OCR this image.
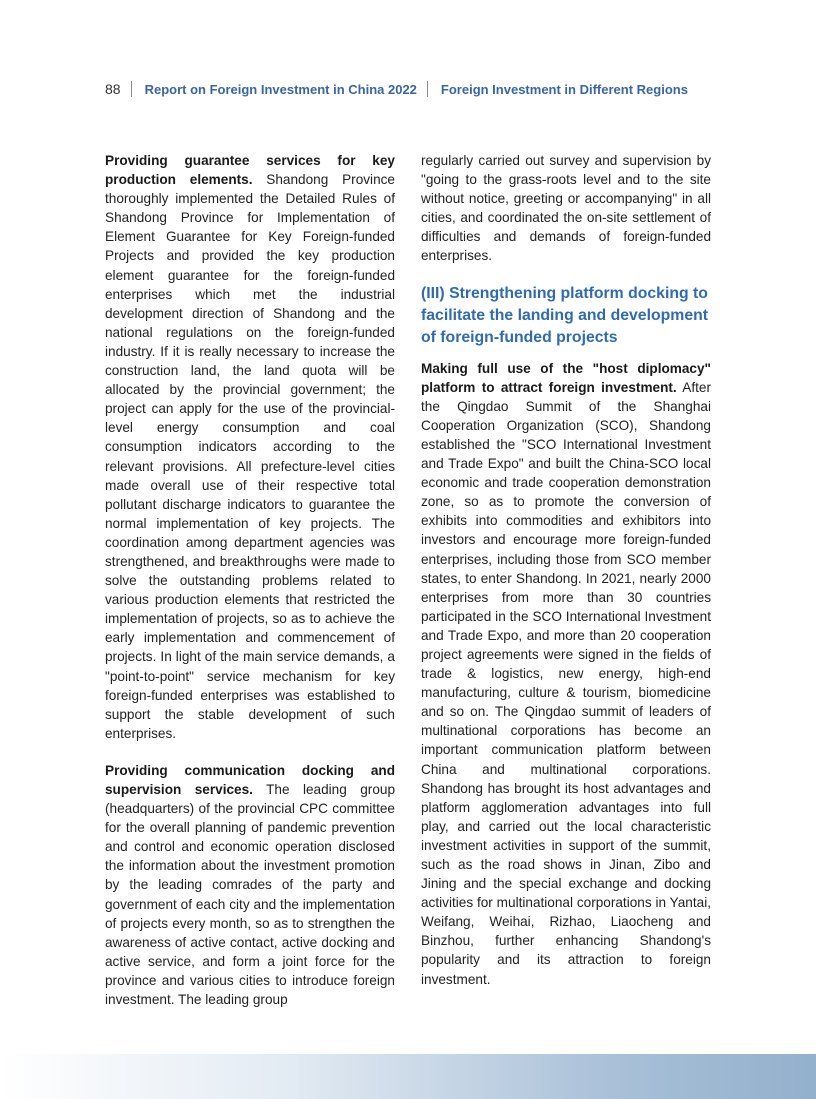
88 Report on Foreign Investment in China 2022 Foreign Investment in Different Regions

Providing guarantee services for key production elements. Shandong Province thoroughly implemented the Detailed Rules of Shandong Province for Implementation of Element Guarantee for Key Foreign-funded Projects and provided the key production element guarantee for the foreign-funded enterprises which met the industrial development direction of Shandong and the national regulations on the foreign-funded industry. If it is really necessary to increase the construction land, the land quota will be allocated by the provincial government; the project can apply for the use of the provincial-level energy consumption and coal consumption indicators according to the relevant provisions. All prefecture-level cities made overall use of their respective total pollutant discharge indicators to guarantee the normal implementation of key projects. The coordination among department agencies was strengthened, and breakthroughs were made to solve the outstanding problems related to various production elements that restricted the implementation of projects, so as to achieve the early implementation and commencement of projects. In light of the main service demands, a "point-to-point" service mechanism for key foreign-funded enterprises was established to support the stable development of such enterprises.

Providing communication docking and supervision services. The leading group (headquarters) of the provincial CPC committee for the overall planning of pandemic prevention and control and economic operation disclosed the information about the investment promotion by the leading comrades of the party and government of each city and the implementation of projects every month, so as to strengthen the awareness of active contact, active docking and active service, and form a joint force for the province and various cities to introduce foreign investment. The leading group

regularly carried out survey and supervision by "going to the grass-roots level and to the site without notice, greeting or accompanying" in all cities, and coordinated the on-site settlement of difficulties and demands of foreign-funded enterprises.

(III) Strengthening platform docking to facilitate the landing and development of foreign-funded projects

Making full use of the "host diplomacy" platform to attract foreign investment. After the Qingdao Summit of the Shanghai Cooperation Organization (SCO), Shandong established the "SCO International Investment and Trade Expo" and built the China-SCO local economic and trade cooperation demonstration zone, so as to promote the conversion of exhibits into commodities and exhibitors into investors and encourage more foreign-funded enterprises, including those from SCO member states, to enter Shandong. In 2021, nearly 2000 enterprises from more than 30 countries participated in the SCO International Investment and Trade Expo, and more than 20 cooperation project agreements were signed in the fields of trade & logistics, new energy, high-end manufacturing, culture & tourism, biomedicine and so on. The Qingdao summit of leaders of multinational corporations has become an important communication platform between China and multinational corporations. Shandong has brought its host advantages and platform agglomeration advantages into full play, and carried out the local characteristic investment activities in support of the summit, such as the road shows in Jinan, Zibo and Jining and the special exchange and docking activities for multinational corporations in Yantai, Weifang, Weihai, Rizhao, Liaocheng and Binzhou, further enhancing Shandong's popularity and its attraction to foreign investment.
